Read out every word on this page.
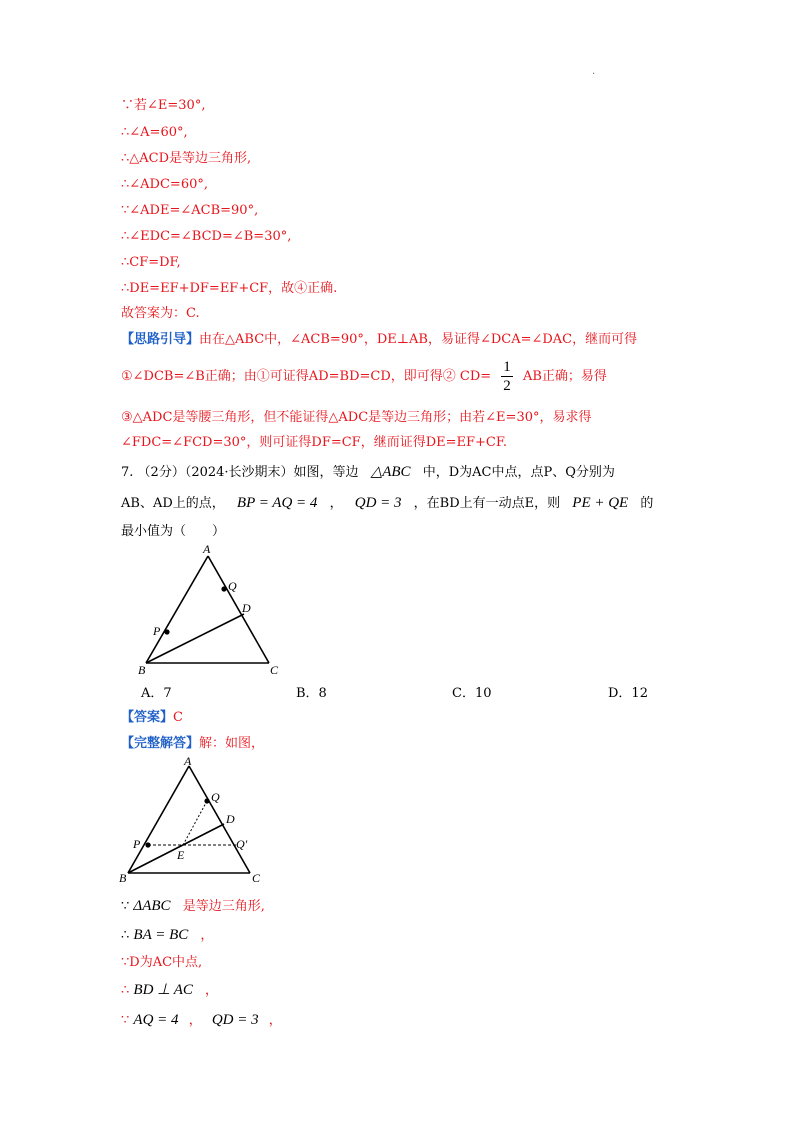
.
∵若∠E=30°,
∴∠A=60°,
∴△ACD是等边三角形,
∴∠ADC=60°,
∵∠ADE=∠ACB=90°,
∴∠EDC=∠BCD=∠B=30°,
∴CF=DF,
∴DE=EF+DF=EF+CF，故④正确.
故答案为：C.
【思路引导】由在△ABC中，∠ACB=90°，DE⊥AB，易证得∠DCA=∠DAC，继而可得
①∠DCB=∠B正确；由①可证得AD=BD=CD，即可得② $CD= \frac{1}{2}$ AB正确；易得
③△ADC是等腰三角形，但不能证得△ADC是等边三角形；由若∠E=30°，易求得
∠FDC=∠FCD=30°，则可证得DF=CF，继而证得DE=EF+CF.
7. （2分）（2024·长沙期末）如图，等边 △ABC 中，D为AC中点，点P、Q分别为
AB、AD上的点， BP = AQ = 4 ， QD = 3 ，在BD上有一动点E，则 PE + QE 的
最小值为（　　）
A
Q
D
P
B	C
A．7	B．8	C．10	D．12
【答案】C
【完整解答】解：如图，
A
Q
D
P
E
Q'
B	C
∵ ΔABC 是等边三角形,
∴ BA = BC ，
∵D为AC中点,
∴ BD ⊥ AC ，
∵ AQ = 4 ， QD = 3 ，
